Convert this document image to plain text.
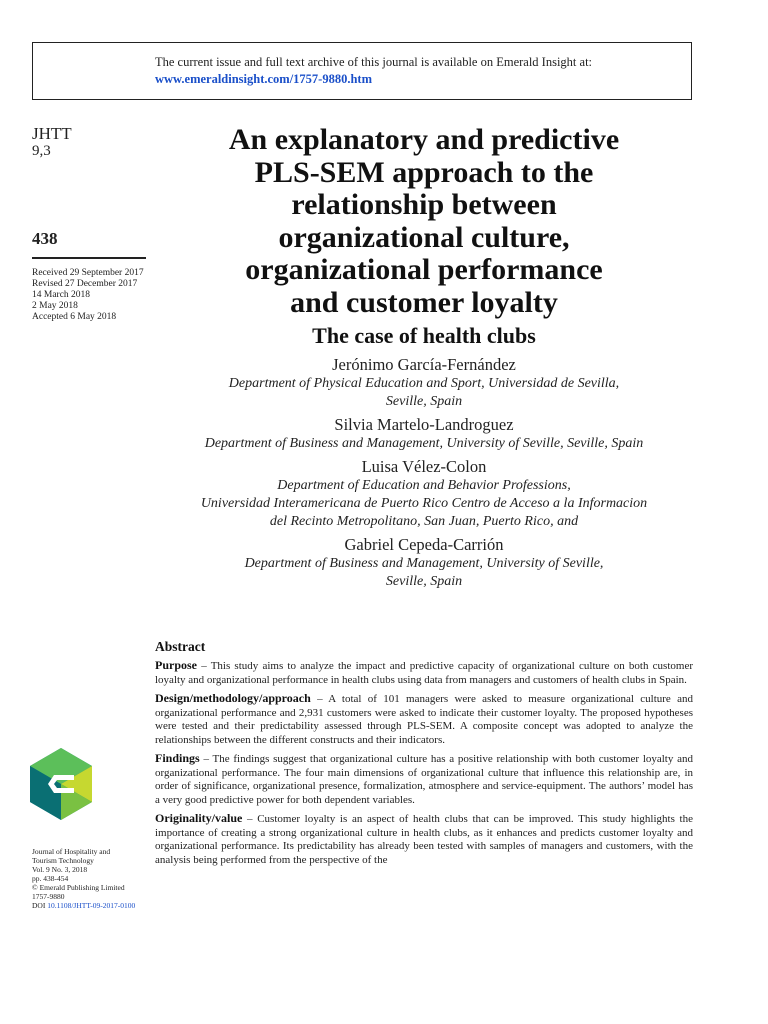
The current issue and full text archive of this journal is available on Emerald Insight at:
www.emeraldinsight.com/1757-9880.htm
JHTT
9,3
438
Received 29 September 2017
Revised 27 December 2017
14 March 2018
2 May 2018
Accepted 6 May 2018
An explanatory and predictive
PLS-SEM approach to the
relationship between
organizational culture,
organizational performance
and customer loyalty
The case of health clubs
Jerónimo García-Fernández
Department of Physical Education and Sport, Universidad de Sevilla,
Seville, Spain
Silvia Martelo-Landroguez
Department of Business and Management, University of Seville, Seville, Spain
Luisa Vélez-Colon
Department of Education and Behavior Professions,
Universidad Interamericana de Puerto Rico Centro de Acceso a la Informacion
del Recinto Metropolitano, San Juan, Puerto Rico, and
Gabriel Cepeda-Carrión
Department of Business and Management, University of Seville,
Seville, Spain
Journal of Hospitality and
Tourism Technology
Vol. 9 No. 3, 2018
pp. 438-454
© Emerald Publishing Limited
1757-9880
DOI 10.1108/JHTT-09-2017-0100
Abstract
Purpose – This study aims to analyze the impact and predictive capacity of organizational culture on both customer loyalty and organizational performance in health clubs using data from managers and customers of health clubs in Spain.
Design/methodology/approach – A total of 101 managers were asked to measure organizational culture and organizational performance and 2,931 customers were asked to indicate their customer loyalty. The proposed hypotheses were tested and their predictability assessed through PLS-SEM. A composite concept was adopted to analyze the relationships between the different constructs and their indicators.
Findings – The findings suggest that organizational culture has a positive relationship with both customer loyalty and organizational performance. The four main dimensions of organizational culture that influence this relationship are, in order of significance, organizational presence, formalization, atmosphere and service-equipment. The authors’ model has a very good predictive power for both dependent variables.
Originality/value – Customer loyalty is an aspect of health clubs that can be improved. This study highlights the importance of creating a strong organizational culture in health clubs, as it enhances and predicts customer loyalty and organizational performance. Its predictability has already been tested with samples of managers and customers, with the analysis being performed from the perspective of the
